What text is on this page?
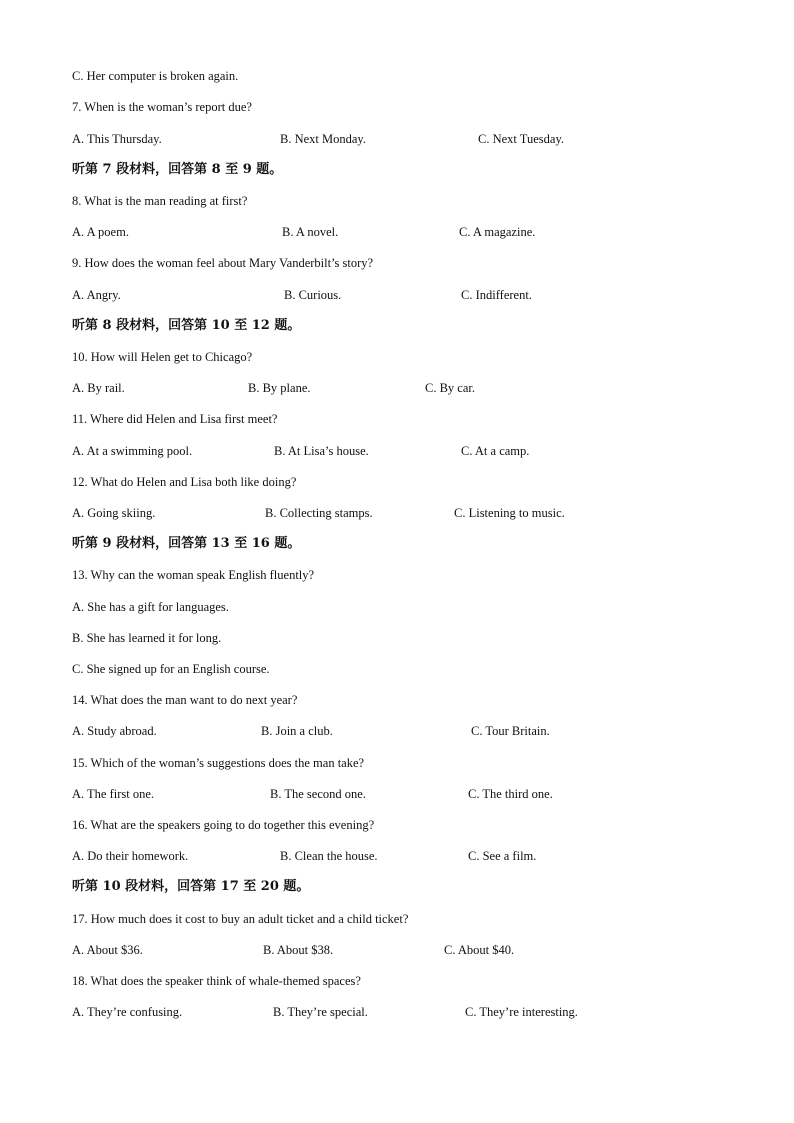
C. Her computer is broken again.
7. When is the woman’s report due?
A. This Thursday.	B. Next Monday.	C. Next Tuesday.
听第 7 段材料，回答第 8 至 9 题。
8. What is the man reading at first?
A. A poem.	B. A novel.	C. A magazine.
9. How does the woman feel about Mary Vanderbilt’s story?
A. Angry.	B. Curious.	C. Indifferent.
听第 8 段材料，回答第 10 至 12 题。
10. How will Helen get to Chicago?
A. By rail.	B. By plane.	C. By car.
11. Where did Helen and Lisa first meet?
A. At a swimming pool.	B. At Lisa’s house.	C. At a camp.
12. What do Helen and Lisa both like doing?
A. Going skiing.	B. Collecting stamps.	C. Listening to music.
听第 9 段材料，回答第 13 至 16 题。
13. Why can the woman speak English fluently?
A. She has a gift for languages.
B. She has learned it for long.
C. She signed up for an English course.
14. What does the man want to do next year?
A. Study abroad.	B. Join a club.	C. Tour Britain.
15. Which of the woman’s suggestions does the man take?
A. The first one.	B. The second one.	C. The third one.
16. What are the speakers going to do together this evening?
A. Do their homework.	B. Clean the house.	C. See a film.
听第 10 段材料，回答第 17 至 20 题。
17. How much does it cost to buy an adult ticket and a child ticket?
A. About $36.	B. About $38.	C. About $40.
18. What does the speaker think of whale-themed spaces?
A. They’re confusing.	B. They’re special.	C. They’re interesting.
